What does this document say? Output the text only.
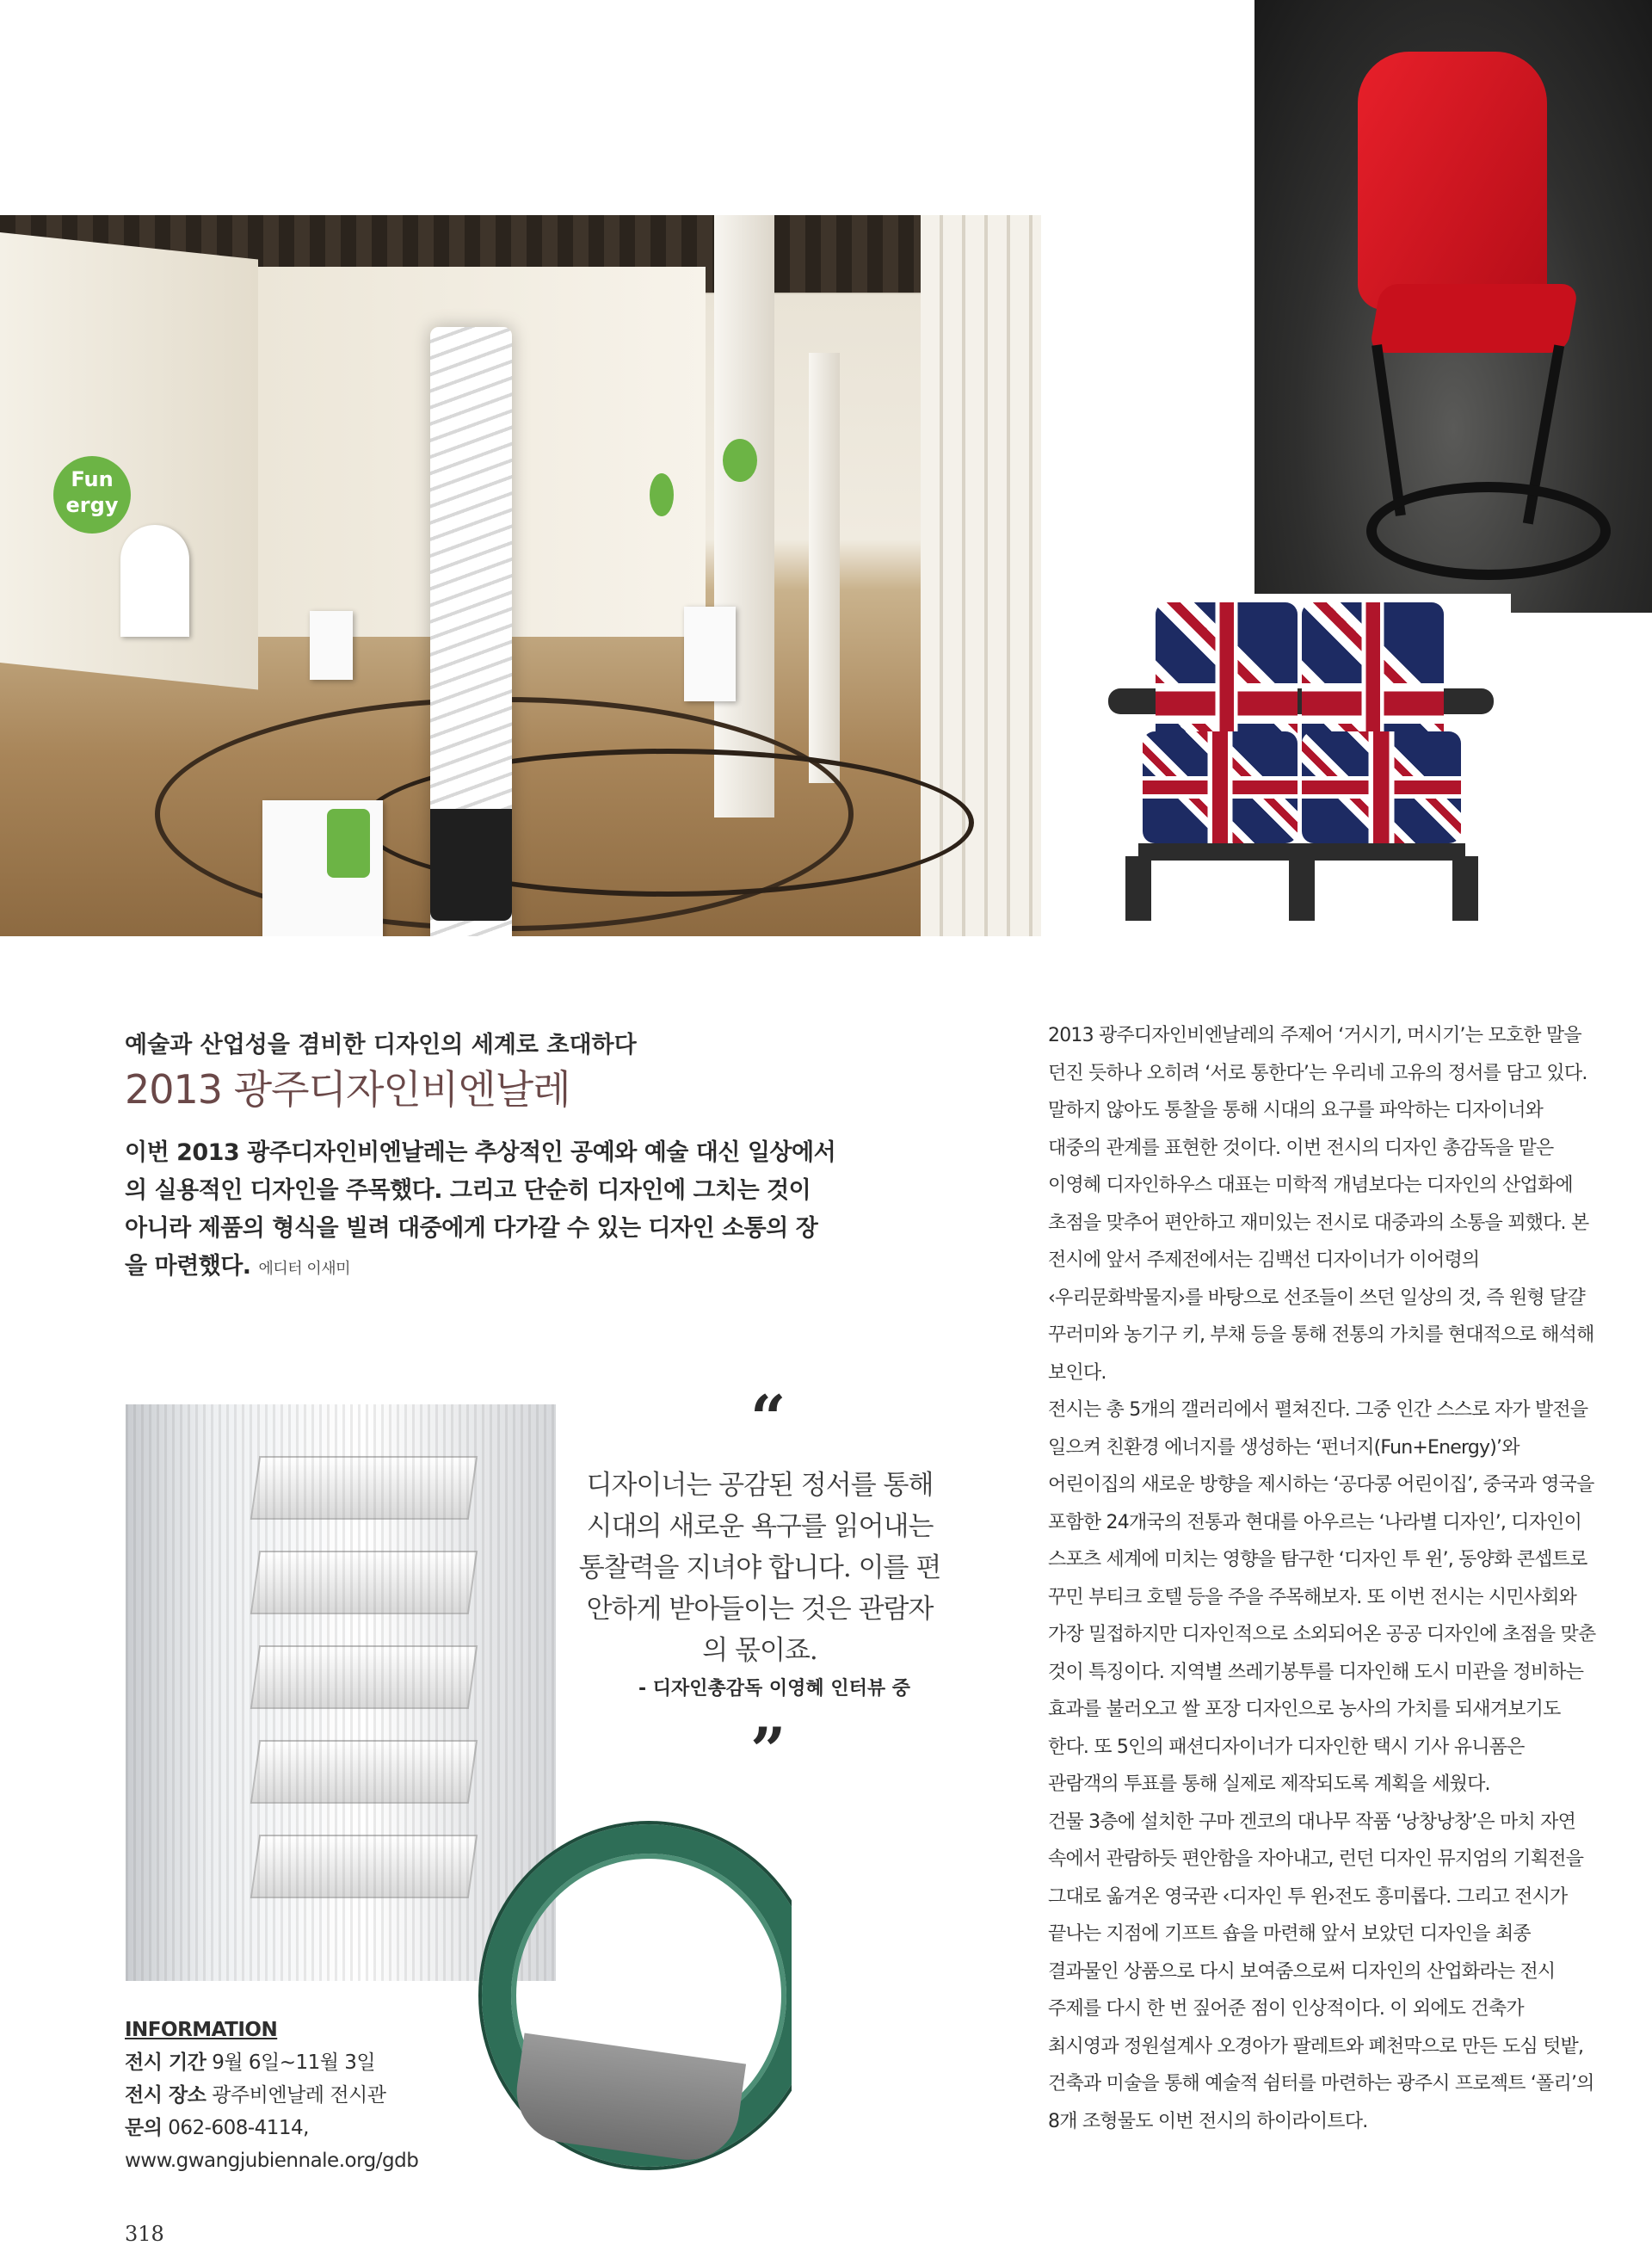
Fun ergy
예술과 산업성을 겸비한 디자인의 세계로 초대하다
2013 광주디자인비엔날레
이번 2013 광주디자인비엔날레는 추상적인 공예와 예술 대신 일상에서의 실용적인 디자인을 주목했다. 그리고 단순히 디자인에 그치는 것이 아니라 제품의 형식을 빌려 대중에게 다가갈 수 있는 디자인 소통의 장을 마련했다. 에디터 이새미
“
디자이너는 공감된 정서를 통해 시대의 새로운 욕구를 읽어내는 통찰력을 지녀야 합니다. 이를 편안하게 받아들이는 것은 관람자의 몫이죠.
- 디자인총감독 이영혜 인터뷰 중
”
INFORMATION
전시 기간 9월 6일~11월 3일
전시 장소 광주비엔날레 전시관
문의 062-608-4114,
www.gwangjubiennale.org/gdb

2013 광주디자인비엔날레의 주제어 ‘거시기, 머시기’는 모호한 말을 던진 듯하나 오히려 ‘서로 통한다’는 우리네 고유의 정서를 담고 있다. 말하지 않아도 통찰을 통해 시대의 요구를 파악하는 디자이너와 대중의 관계를 표현한 것이다. 이번 전시의 디자인 총감독을 맡은 이영혜 디자인하우스 대표는 미학적 개념보다는 디자인의 산업화에 초점을 맞추어 편안하고 재미있는 전시로 대중과의 소통을 꾀했다. 본 전시에 앞서 주제전에서는 김백선 디자이너가 이어령의 ‹우리문화박물지›를 바탕으로 선조들이 쓰던 일상의 것, 즉 원형 달걀 꾸러미와 농기구 키, 부채 등을 통해 전통의 가치를 현대적으로 해석해 보인다.

전시는 총 5개의 갤러리에서 펼쳐진다. 그중 인간 스스로 자가 발전을 일으켜 친환경 에너지를 생성하는 ‘펀너지(Fun+Energy)’와 어린이집의 새로운 방향을 제시하는 ‘공다콩 어린이집’, 중국과 영국을 포함한 24개국의 전통과 현대를 아우르는 ‘나라별 디자인’, 디자인이 스포츠 세계에 미치는 영향을 탐구한 ‘디자인 투 윈’, 동양화 콘셉트로 꾸민 부티크 호텔 등을 주을 주목해보자. 또 이번 전시는 시민사회와 가장 밀접하지만 디자인적으로 소외되어온 공공 디자인에 초점을 맞춘 것이 특징이다. 지역별 쓰레기봉투를 디자인해 도시 미관을 정비하는 효과를 불러오고 쌀 포장 디자인으로 농사의 가치를 되새겨보기도 한다. 또 5인의 패션디자이너가 디자인한 택시 기사 유니폼은 관람객의 투표를 통해 실제로 제작되도록 계획을 세웠다.

건물 3층에 설치한 구마 겐코의 대나무 작품 ‘낭창낭창’은 마치 자연 속에서 관람하듯 편안함을 자아내고, 런던 디자인 뮤지엄의 기획전을 그대로 옮겨온 영국관 ‹디자인 투 윈›전도 흥미롭다. 그리고 전시가 끝나는 지점에 기프트 숍을 마련해 앞서 보았던 디자인을 최종 결과물인 상품으로 다시 보여줌으로써 디자인의 산업화라는 전시 주제를 다시 한 번 짚어준 점이 인상적이다. 이 외에도 건축가 최시영과 정원설계사 오경아가 팔레트와 폐천막으로 만든 도심 텃밭, 건축과 미술을 통해 예술적 쉼터를 마련하는 광주시 프로젝트 ‘폴리’의 8개 조형물도 이번 전시의 하이라이트다.

318
